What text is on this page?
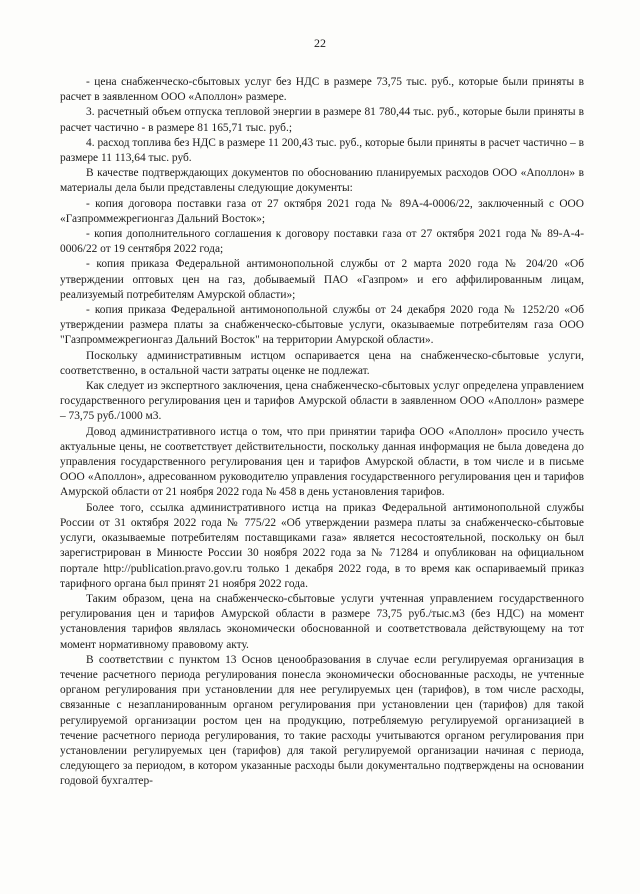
22

- цена снабженческо-сбытовых услуг без НДС в размере 73,75 тыс. руб., которые были приняты в расчет в заявленном ООО «Аполлон» размере.

3. расчетный объем отпуска тепловой энергии в размере 81 780,44 тыс. руб., которые были приняты в расчет частично - в размере 81 165,71 тыс. руб.;

4. расход топлива без НДС в размере 11 200,43 тыс. руб., которые были приняты в расчет частично – в размере 11 113,64 тыс. руб.

В качестве подтверждающих документов по обоснованию планируемых расходов ООО «Аполлон» в материалы дела были представлены следующие документы:

- копия договора поставки газа от 27 октября 2021 года № 89А-4-0006/22, заключенный с ООО «Газпроммежрегионгаз Дальний Восток»;

- копия дополнительного соглашения к договору поставки газа от 27 октября 2021 года № 89-А-4-0006/22 от 19 сентября 2022 года;

- копия приказа Федеральной антимонопольной службы от 2 марта 2020 года № 204/20 «Об утверждении оптовых цен на газ, добываемый ПАО «Газпром» и его аффилированным лицам, реализуемый потребителям Амурской области»;

- копия приказа Федеральной антимонопольной службы от 24 декабря 2020 года № 1252/20 «Об утверждении размера платы за снабженческо-сбытовые услуги, оказываемые потребителям газа ООО "Газпроммежрегионгаз Дальний Восток" на территории Амурской области».

Поскольку административным истцом оспаривается цена на снабженческо-сбытовые услуги, соответственно, в остальной части затраты оценке не подлежат.

Как следует из экспертного заключения, цена снабженческо-сбытовых услуг определена управлением государственного регулирования цен и тарифов Амурской области в заявленном ООО «Аполлон» размере – 73,75 руб./1000 м3.

Довод административного истца о том, что при принятии тарифа ООО «Аполлон» просило учесть актуальные цены, не соответствует действительности, поскольку данная информация не была доведена до управления государственного регулирования цен и тарифов Амурской области, в том числе и в письме ООО «Аполлон», адресованном руководителю управления государственного регулирования цен и тарифов Амурской области от 21 ноября 2022 года № 458 в день установления тарифов.

Более того, ссылка административного истца на приказ Федеральной антимонопольной службы России от 31 октября 2022 года № 775/22 «Об утверждении размера платы за снабженческо-сбытовые услуги, оказываемые потребителям поставщиками газа» является несостоятельной, поскольку он был зарегистрирован в Минюсте России 30 ноября 2022 года за № 71284 и опубликован на официальном портале http://publication.pravo.gov.ru только 1 декабря 2022 года, в то время как оспариваемый приказ тарифного органа был принят 21 ноября 2022 года.

Таким образом, цена на снабженческо-сбытовые услуги учтенная управлением государственного регулирования цен и тарифов Амурской области в размере 73,75 руб./тыс.м3 (без НДС) на момент установления тарифов являлась экономически обоснованной и соответствовала действующему на тот момент нормативному правовому акту.

В соответствии с пунктом 13 Основ ценообразования в случае если регулируемая организация в течение расчетного периода регулирования понесла экономически обоснованные расходы, не учтенные органом регулирования при установлении для нее регулируемых цен (тарифов), в том числе расходы, связанные с незапланированным органом регулирования при установлении цен (тарифов) для такой регулируемой организации ростом цен на продукцию, потребляемую регулируемой организацией в течение расчетного периода регулирования, то такие расходы учитываются органом регулирования при установлении регулируемых цен (тарифов) для такой регулируемой организации начиная с периода, следующего за периодом, в котором указанные расходы были документально подтверждены на основании годовой бухгалтер-
